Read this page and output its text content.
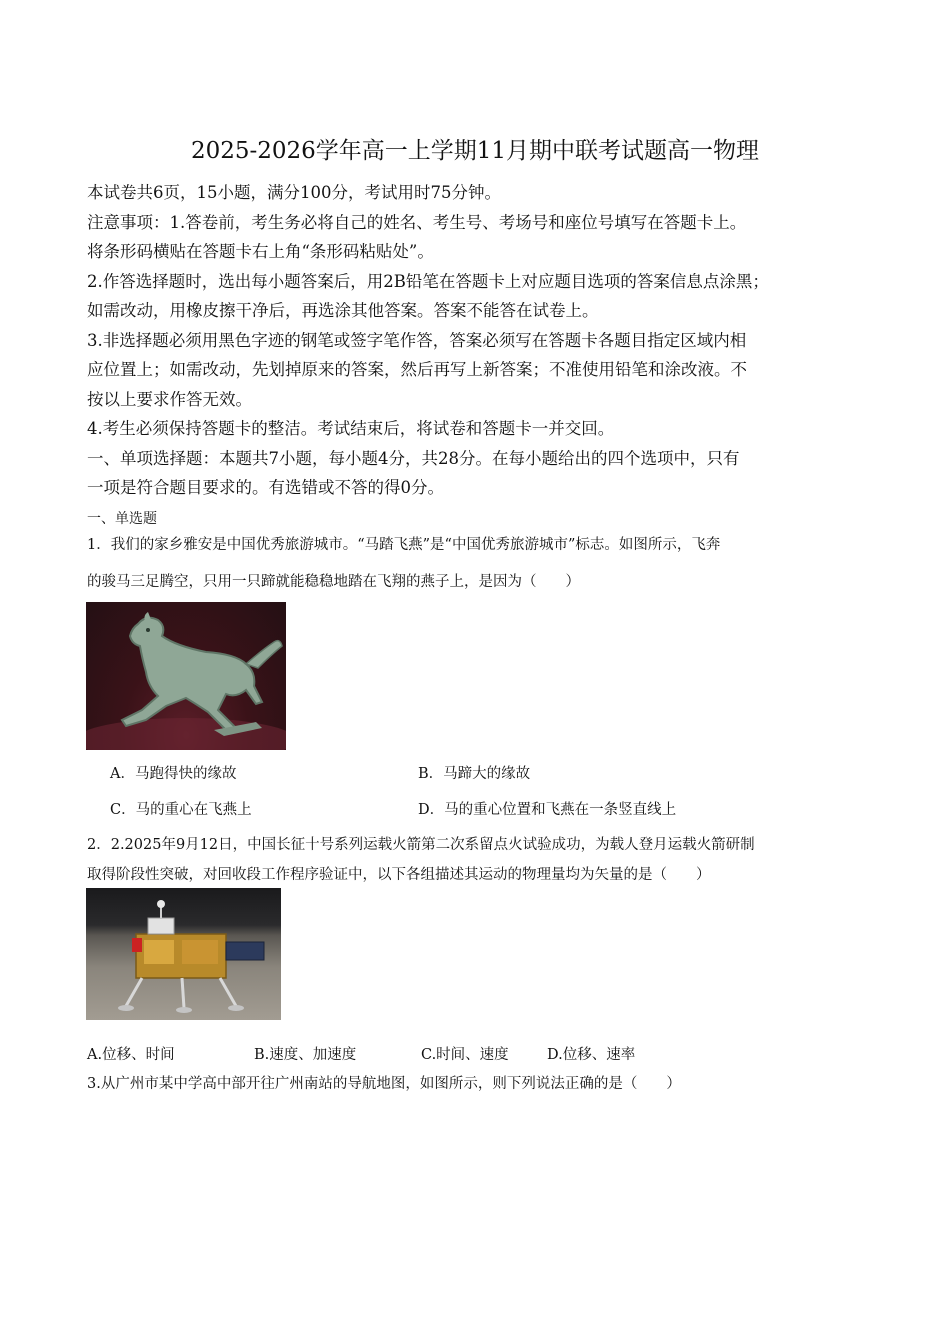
2025-2026学年高一上学期11月期中联考试题高一物理
本试卷共6页，15小题，满分100分，考试用时75分钟。
注意事项：1.答卷前，考生务必将自己的姓名、考生号、考场号和座位号填写在答题卡上。
将条形码横贴在答题卡右上角“条形码粘贴处”。
2.作答选择题时，选出每小题答案后，用2B铅笔在答题卡上对应题目选项的答案信息点涂黑；
如需改动，用橡皮擦干净后，再选涂其他答案。答案不能答在试卷上。
3.非选择题必须用黑色字迹的钢笔或签字笔作答，答案必须写在答题卡各题目指定区域内相
应位置上；如需改动，先划掉原来的答案，然后再写上新答案；不准使用铅笔和涂改液。不
按以上要求作答无效。
4.考生必须保持答题卡的整洁。考试结束后，将试卷和答题卡一并交回。
一、单项选择题：本题共7小题，每小题4分，共28分。在每小题给出的四个选项中，只有
一项是符合题目要求的。有选错或不答的得0分。
一、单选题
1．我们的家乡雅安是中国优秀旅游城市。“马踏飞燕”是“中国优秀旅游城市”标志。如图所示，飞奔
的骏马三足腾空，只用一只蹄就能稳稳地踏在飞翔的燕子上，是因为（　　）
A．马跑得快的缘故	B．马蹄大的缘故
C．马的重心在飞燕上	D．马的重心位置和飞燕在一条竖直线上
2．2.2025年9月12日，中国长征十号系列运载火箭第二次系留点火试验成功，为载人登月运载火箭研制
取得阶段性突破，对回收段工作程序验证中，以下各组描述其运动的物理量均为矢量的是（　　）
A.位移、时间	B.速度、加速度	C.时间、速度	D.位移、速率
3.从广州市某中学高中部开往广州南站的导航地图，如图所示，则下列说法正确的是（　　）
